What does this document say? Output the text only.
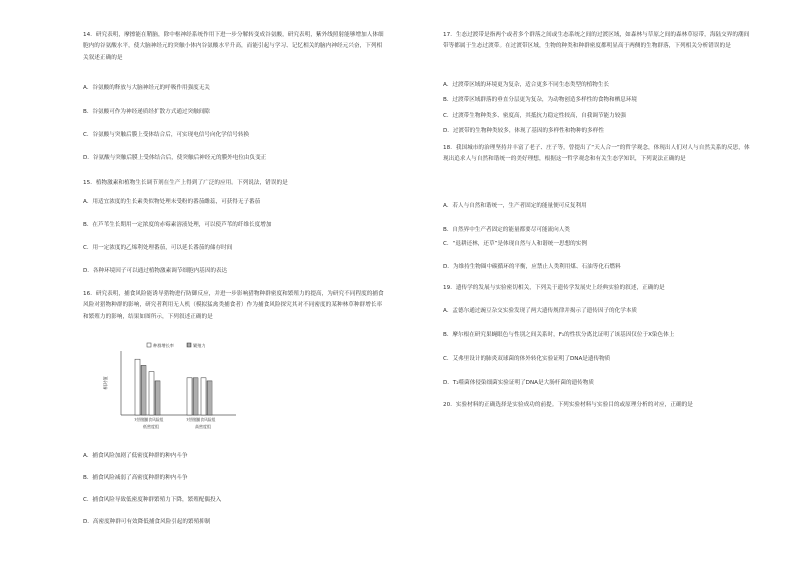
14．研究表明，摩擦能在鞘脑，除中枢神经系统作用下进一步分解转变成谷氨酸，研究表明，紫外线照射能够增加人体细胞内的谷氨酸水平，使大脑神经元的突触小体内谷氨酸水平升高，而能引起与学习、记忆相关的脑内神经元兴奋，下列相关叙述正确的是
A．谷氨酸的释放与大脑神经元的呼吸作用强度无关
B．谷氨酸可作为神经递质经扩散方式通过突触间隙
C．谷氨酸与突触后膜上受体结合后，可实现电信号向化学信号转换
D．谷氨酸与突触后膜上受体结合后，使突触后神经元的膜外电位由负变正
15．植物激素和植物生长调节剂在生产上得到了广泛的应用。下列说法，错误的是
A．用适宜浓度的生长素类似物处理未受粉的番茄雌蕊，可获得无子番茄
B．在芦苇生长期用一定浓度的赤霉素溶液处理，可以使芦苇的纤维长度增加
C．用一定浓度的乙烯利处理番茄，可以延长番茄的储存时间
D．各种环境因子可以通过植物激素调节细胞内基因的表达
16．研究表明，捕食风险能诱导猎物进行防御反应，并进一步影响猎物种群密度和繁殖力的提高，为研究不同程度的捕食风险对猎物种群的影响，研究者利用无人机（模拟猛禽类捕食者）作为捕食风险探究其对不同密度的某种林草种群增长率和繁殖力的影响，结果如图所示，下列叙述正确的是
A．捕食风险加剧了低密度种群的种内斗争
B．捕食风险减弱了高密度种群的种内斗争
C．捕食风险导致低密度种群繁殖力下降，繁殖配偶投入
D．高密度种群可有效降低捕食风险引起的繁殖抑制
相对值
种群增长率	繁殖力
对照组
捕食风险组	对照组
捕食风险组
低密度组	高密度组
17．生态过渡带是指两个或者多个群落之间或生态系统之间的过渡区域，如森林与草原之间的森林草原带，海陆交界的潮间带等都属于生态过渡带。在过渡带区域，生物的种类和种群密度都明显高于两侧的生物群落，下列相关分析错误的是
A．过渡带区域的环境更为复杂，适合更多不同生态类型的植物生长
B．过渡带区域群落的垂直分层更为复杂，为动物创造多样性的食物和栖息环境
C．过渡带生物种类多、密度高，其抵抗力稳定性较高，自我调节能力较强
D．过渡带的生物种类较多，体现了基因的多样性和物种的多样性
18．我国城市的治理坚持并丰富了老子、庄子等，曾提出了“天人合一”的哲学观念，体现出人们对人与自然关系的反思，体现出追求人与自然和谐统一的美好理想，根据这一哲学观念和有关生态学知识，下列说法正确的是
A．若人与自然和谐统一，生产者固定的能量便可反复利用
B．自然界中生产者固定的能量都要尽可能流向人类
C．“退耕还林，还草”是体现自然与人和谐统一思想的实例
D．为维持生物圈中碳循环的平衡，应禁止人类利用煤、石油等化石燃料
19．遗传学的发展与实验密切相关，下列关于遗传学发展史上经典实验的叙述，正确的是
A．孟德尔通过豌豆杂交实验发现了两大遗传规律并揭示了遗传因子的化学本质
B．摩尔根在研究果蝇眼色与性别之间关系时，F₁的性状分离比证明了该基因仅位于X染色体上
C．艾弗里设计的肺炎双球菌的体外转化实验证明了DNA是遗传物质
D．T₂噬菌体侵染细菌实验证明了DNA是大肠杆菌的遗传物质
20．实验材料的正确选择是实验成功的前提。下列实验材料与实验目的或原理分析的对应，正确的是
